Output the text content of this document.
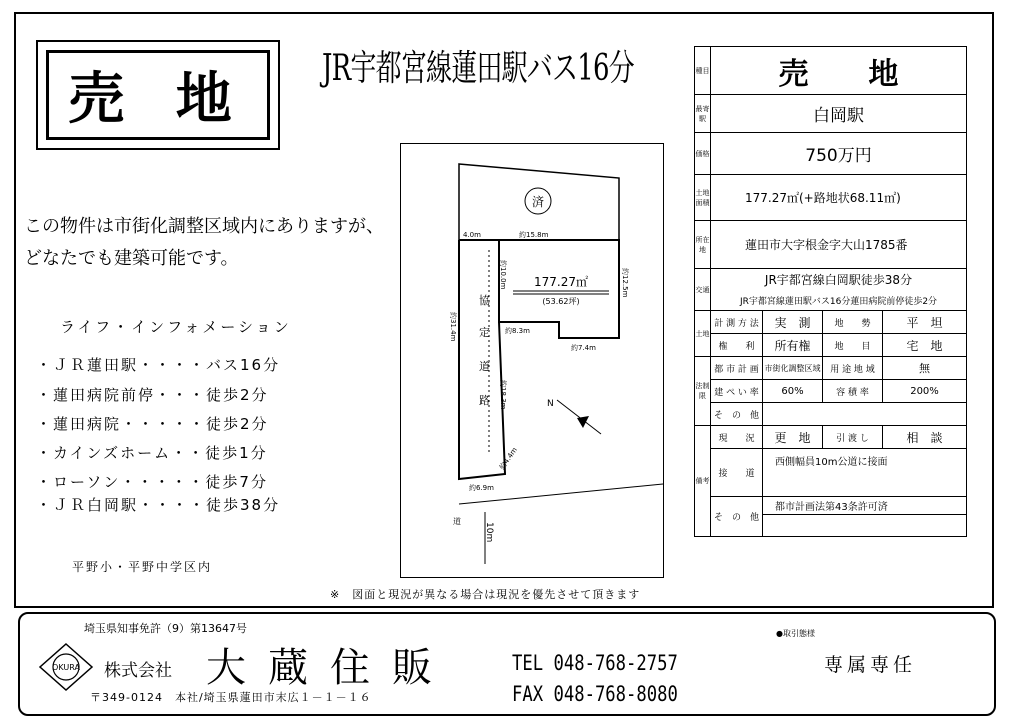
売 地	JR宇都宮線蓮田駅バス16分
この物件は市街化調整区域内にありますが、
どなたでも建築可能です。
ライフ・インフォメーション
・ＪＲ蓮田駅・・・・バス16分
・蓮田病院前停・・・徒歩2分
・蓮田病院・・・・・徒歩2分
・カインズホーム・・徒歩1分
・ローソン・・・・・徒歩7分
・ＪＲ白岡駅・・・・徒歩38分
平野小・平野中学区内
済
177.27㎡
(53.62坪)
協
定
道
路
4.0m	約15.8m
約10.0m	約12.5m
約31.4m	約8.3m
約7.4m
約18.3m
約6.9m
約4.4m
10m
道
N
※　図面と現況が異なる場合は現況を優先させて頂きます
種目	売　　地			
最寄駅	白岡駅			
価格	750万円			
土地面積	177.27㎡(+路地状68.11㎡)			
所在地	蓮田市大字根金字大山1785番			
交通	JR宇都宮線白岡駅徒歩38分			
	JR宇都宮線蓮田駅バス16分蓮田病院前停徒歩2分			
土地	計 測 方 法	実　測	地　　勢	平　坦
	権　　利	所有権	地　　目	宅　地
法制限	都 市 計 画	市街化調整区域	用 途 地 域	無
	建 ぺ い 率	60%	容 積 率	200%
	そ　の　他			
備考	現　　況	更　地	引 渡 し	相　談
	接　　道	西側幅員10m公道に接面		

	そ　の　他	都市計画法第43条許可済		

埼玉県知事免許（9）第13647号
OKURA 株式会社 大蔵住販
〒349-0124　本社/埼玉県蓮田市末広１－１－１６
TEL 048-768-2757
FAX 048-768-8080
●取引態様
専属専任
